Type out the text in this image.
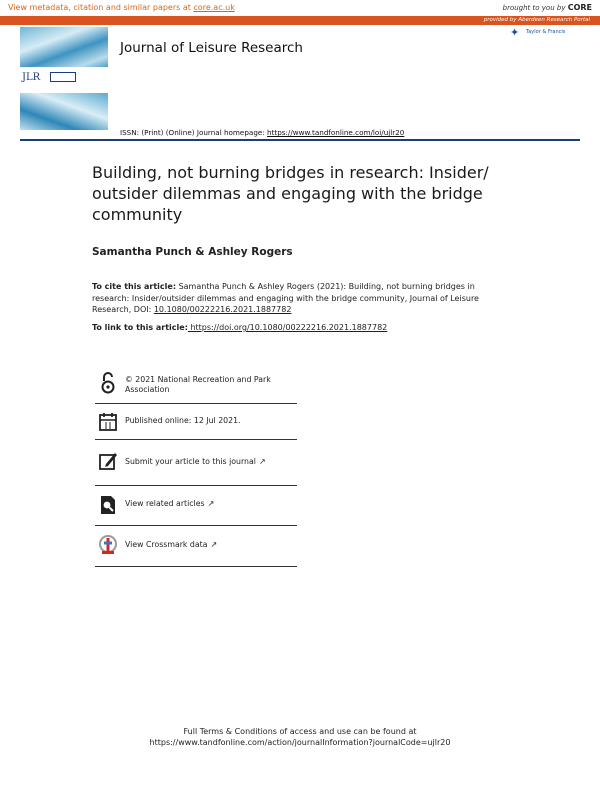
View metadata, citation and similar papers at core.ac.uk	brought to you by CORE
provided by Aberdeen Research Portal
✦ Taylor & Francis
JLR
Journal of Leisure Research
ISSN: (Print) (Online) Journal homepage: https://www.tandfonline.com/loi/ujlr20
Building, not burning bridges in research: Insider/ outsider dilemmas and engaging with the bridge community
Samantha Punch & Ashley Rogers
To cite this article: Samantha Punch & Ashley Rogers (2021): Building, not burning bridges in research: Insider/outsider dilemmas and engaging with the bridge community, Journal of Leisure Research, DOI: 10.1080/00222216.2021.1887782
To link to this article: https://doi.org/10.1080/00222216.2021.1887782
© 2021 National Recreation and Park Association
Published online: 12 Jul 2021.
Submit your article to this journal ↗
View related articles ↗
View Crossmark data ↗
Full Terms & Conditions of access and use can be found at
https://www.tandfonline.com/action/journalInformation?journalCode=ujlr20
